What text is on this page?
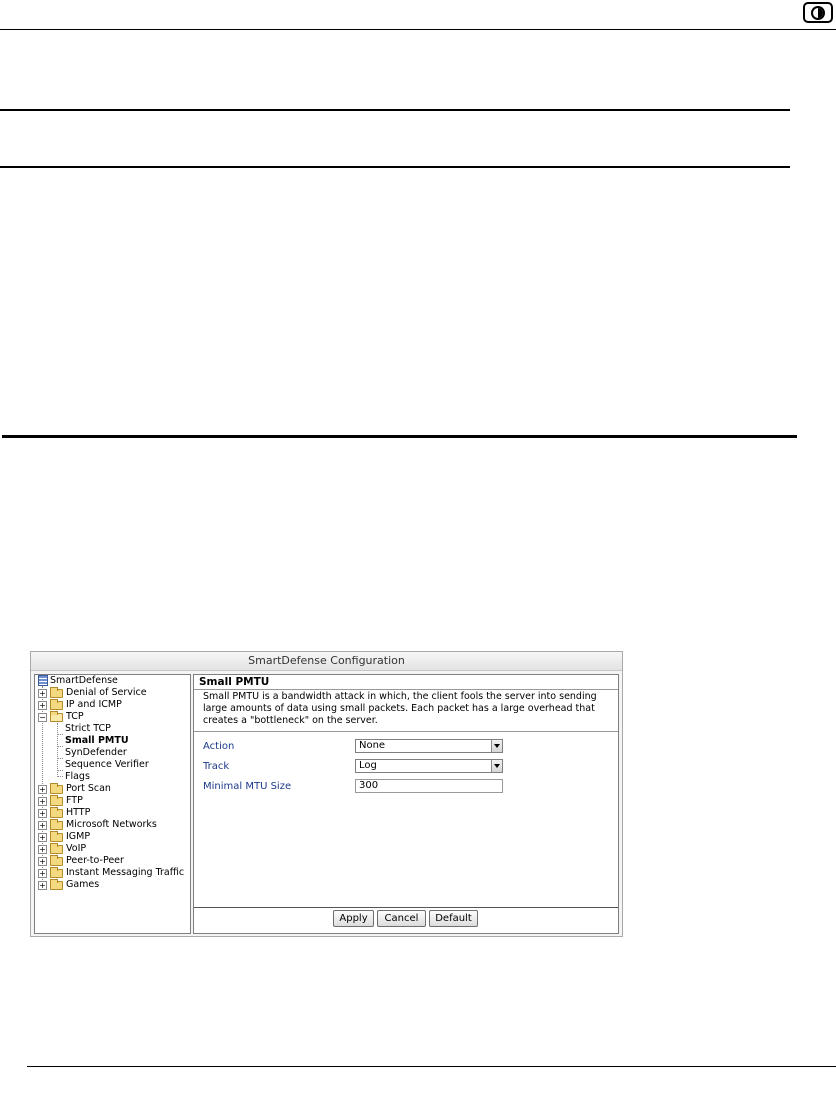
SmartDefense Configuration
SmartDefense
+ Denial of Service
+ IP and ICMP
− TCP
Strict TCP
Small PMTU
SynDefender
Sequence Verifier
Flags
+ Port Scan
+ FTP
+ HTTP
+ Microsoft Networks
+ IGMP
+ VoIP
+ Peer-to-Peer
+ Instant Messaging Traffic
+ Games
Small PMTU
Small PMTU is a bandwidth attack in which, the client fools the server into sending large amounts of data using small packets. Each packet has a large overhead that creates a "bottleneck" on the server.
Action	None
Track	Log
Minimal MTU Size	300
Apply	Cancel	Default
